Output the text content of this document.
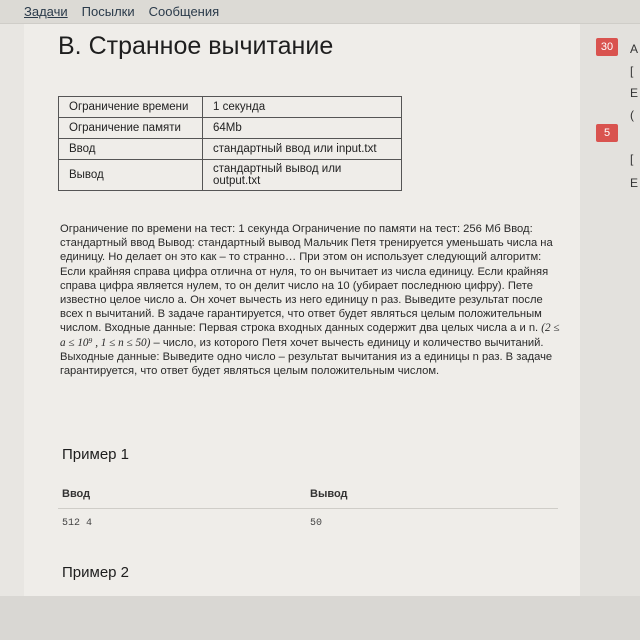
Задачи Посылки Сообщения
30
5
A
[
E
(
[
E
B. Странное вычитание
Ограничение времени	1 секунда
Ограничение памяти	64Mb
Ввод	стандартный ввод или input.txt
Вывод	стандартный вывод или output.txt

Ограничение по времени на тест: 1 секунда Ограничение по памяти на тест: 256 Мб Ввод: стандартный ввод Вывод: стандартный вывод Мальчик Петя тренируется уменьшать числа на единицу. Но делает он это как – то странно… При этом он использует следующий алгоритм: Если крайняя справа цифра отлична от нуля, то он вычитает из числа единицу. Если крайняя справа цифра является нулем, то он делит число на 10 (убирает последнюю цифру). Пете известно целое число a. Он хочет вычесть из него единицу n раз. Выведите результат после всех n вычитаний. В задаче гарантируется, что ответ будет являться целым положительным числом. Входные данные: Первая строка входных данных содержит два целых числа a и n. (2 ≤ a ≤ 10⁹ , 1 ≤ n ≤ 50) – число, из которого Петя хочет вычесть единицу и количество вычитаний. Выходные данные: Выведите одно число – результат вычитания из a единицы n раз. В задаче гарантируется, что ответ будет являться целым положительным числом.

Пример 1
Ввод	Вывод
512 4	50
Пример 2
